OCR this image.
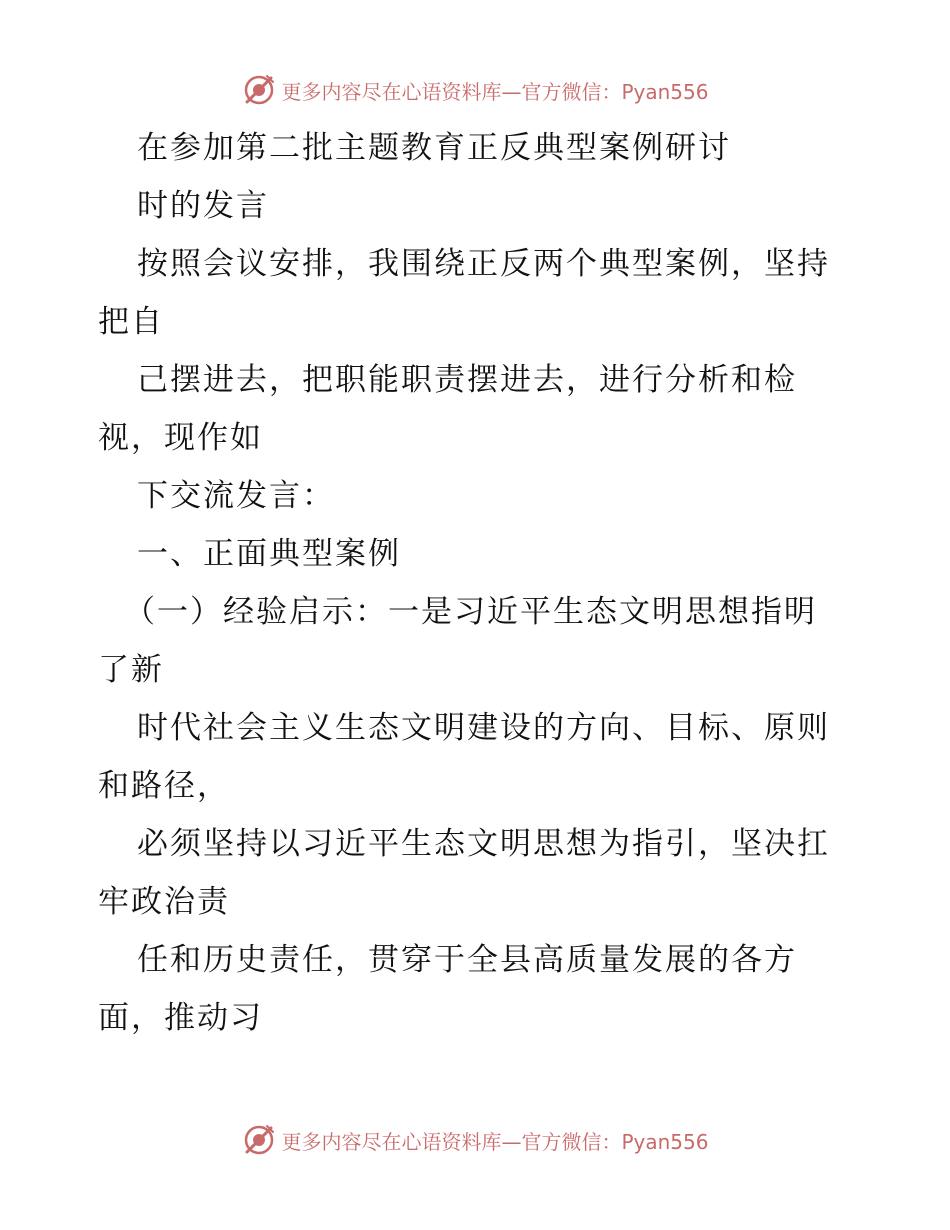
更多内容尽在心语资料库—官方微信：Pyan556
在参加第二批主题教育正反典型案例研讨
时的发言
按照会议安排，我围绕正反两个典型案例，坚持
把自
己摆进去，把职能职责摆进去，进行分析和检
视，现作如
下交流发言：
一、正面典型案例
（一）经验启示：一是习近平生态文明思想指明
了新
时代社会主义生态文明建设的方向、目标、原则
和路径，
必须坚持以习近平生态文明思想为指引，坚决扛
牢政治责
任和历史责任，贯穿于全县高质量发展的各方
面，推动习
更多内容尽在心语资料库—官方微信：Pyan556
